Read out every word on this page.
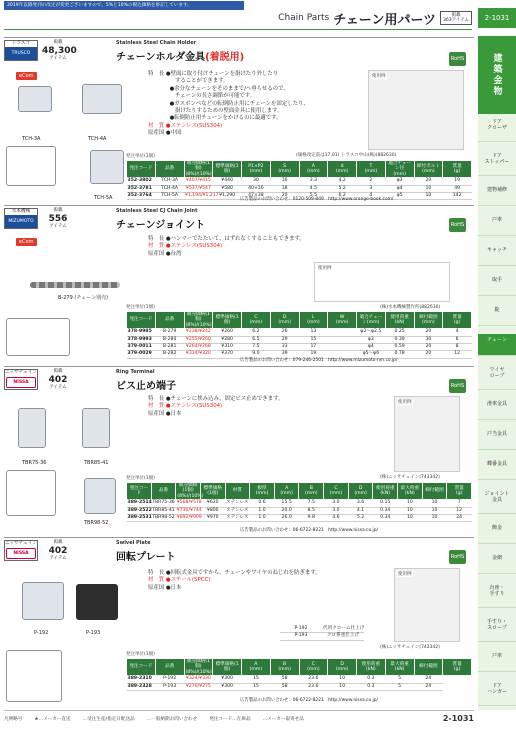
2019年以降発刊の改定が変更ございますので、5%と10%の税込価格を併記しています。
Chain Parts チェーン用パーツ	掲載
363アイテム	2-1031
建築金物
ドア
クローザ
ドア
ストッパー
建物補修
戸車
キャッチ
取手
錠
チェーン
ワイヤ
ロープ
滑車金具
戸当金具
蝶番金具
ジョイント
金具
飾金
金網
台座・
手すり
手すり・
スロープ
戸車
ドア
ハンガー
トラスコ
TRUSCO
掲載
48,300
アイテム
Stainless Steel Chain Holder
チェーンホルダ金具(着脱用)	RoHS
eCom
TCH-3A	TCH-4A
TCH-5A
特　長 ●壁面に取り付けチェーンを掛けたり外したり
　　　　　することができます。
　　　　●余分なチェーンをそのままで/へ垂らせるので、
　　　　　チェーンの長さ調節が可能です。
　　　　●ガスボンベなどの転倒防止用にチェーンを固定したり、
　　　　　掛けたりするための壁面金具に使用します。
　　　　●転倒防止用チェーンをかけるのに最適です。
材　質 ●ステンレス(SUS304)
原産国 ●中国
使用例
(価格改定前は17.01) トラスコ中山(株)(882630)
発注単位(1個)
発注コード	品番	販売価格(1個)
(8%)/(10%)	標準価格(1個)	P1×P2
(mm)	S
(mm)	A
(mm)	d
(mm)	T
(mm)	適合チェーン径
(mm)	締付ボルト(mm)	質量
(g)
352-3802	TCH-3A	¥407/¥415	¥440	30	16	3.3	4.2	2	φ3	20	19
352-3781	TCH-4A	¥537/¥547	¥580	40×16	18	4.5	5.2	3	φ4	10	49
352-3764	TCH-5A	¥1,194/¥1,217	¥1,290	47×38	20	5.5	6.2	4	φ5	10	142
広告製品のお問い合わせ：0120-509-849　http://www.orange-book.com/
水本機械
MIZUMOTO
掲載
556
アイテム
Stainless Steel CJ Chain Joint
チェーンジョイント	RoHS
eCom
B-279 (チェーン別売)
特　長 ●ハンマーでたたいて、はずれなくすることもできます。
材　質 ●ステンレス(SUS304)
原産国 ●台湾
使用例
(株)水本機械製作所(882630)
発注単位(1個)
発注コード	品番	販売価格(1個)
(8%)/(10%)	標準価格(1個)	C
(mm)	D
(mm)	L
(mm)	W
(mm)	適合チェーン(mm)	使用荷重
(kN)	締付範囲
(mm)	質量
(g)
378-9985	B-279	¥238/¥242	¥260	6.2	26	13		φ2～φ2.5	0.25	20	4
378-9993	B-280	¥255/¥260	¥280	6.5	29	15		φ3	0.39	30	6
379-0011	B-281	¥264/¥268	¥310	7.5	33	17		φ4	0.59	20	8
379-0029	B-282	¥314/¥320	¥370	9.0	39	19		φ5～φ6	0.78	20	12
広告製品のお問い合わせ：079-246-2501　http://www.mizumoto-nm.co.jp/
ニッサチェイン
NISSA
掲載
402
アイテム
Ring Terminal
ビス止め端子	RoHS
TBR75-36	TBR85-41
TBR98-52
特　長 ●チェーンに挟み込み、固定ビス止めできます。
材　質 ●ステンレス(SUS304)
原産国 ●日本
使用例
(株)ニッサチェイン(743342)
発注単位(1個)
発注コード	品番	販売価格(1個)
(8%)/(10%)	標準価格(1個)	材質	板厚
(mm)	A
(mm)	B
(mm)	C
(mm)	D
(mm)	使用荷重
(kN)	最大荷重
(kN)	締付範囲	質量
(g)
389-2514	TBR75-36	¥568/¥578	¥620	ステンレス	0.6	15.5	7.5	3.0	3.6	0.15	10	10	7
389-2522	TBR85-41	¥730/¥744	¥800	ステンレス	1.0	20.0	8.5	3.0	4.1	0.34	10	10	12
389-2531	TBR98-52	¥892/¥909	¥970	ステンレス	1.0	26.0	9.8	4.6	5.2	0.34	10	10	24
広告製品のお問い合わせ：06-6722-8221　http://www.nissa.co.jp/
ニッサチェイン
NISSA
掲載
402
アイテム
Swivel Plate
回転プレート	RoHS
P-192	P-193
特　長 ●回転式金具ですから、チェーンやワイヤのねじれを防ぎます。
材　質 ●スチール(SPCC)
原産国 ●日本
使用例
(株)ニッサチェイン(743342)
P-192	代用クローム仕上げ
P-193	クロ系塗仕上げ
発注単位(1個)
発注コード	品番	販売価格(1個)
(8%)/(10%)	標準価格(1個)	A
(mm)	B
(mm)	C
(mm)	D
(mm)	使用荷重
(kN)	最大荷重
(kN)	締付範囲	質量
(g)
389-2310	P-192	¥324/¥330	¥300	15	58	23.6	10	0.3	5	24	
389-2328	P-193	¥270/¥275	¥300	15	58	23.6	10	0.3	5	24	
広告製品のお問い合わせ：06-6722-8221　http://www.nissa.co.jp/
凡例略号	★…メーカー直送	…受注生産/指定日配送品	…一般納期お問い合わせ	発注コード…在庫品	…メーカー取寄せ品	2-1031
